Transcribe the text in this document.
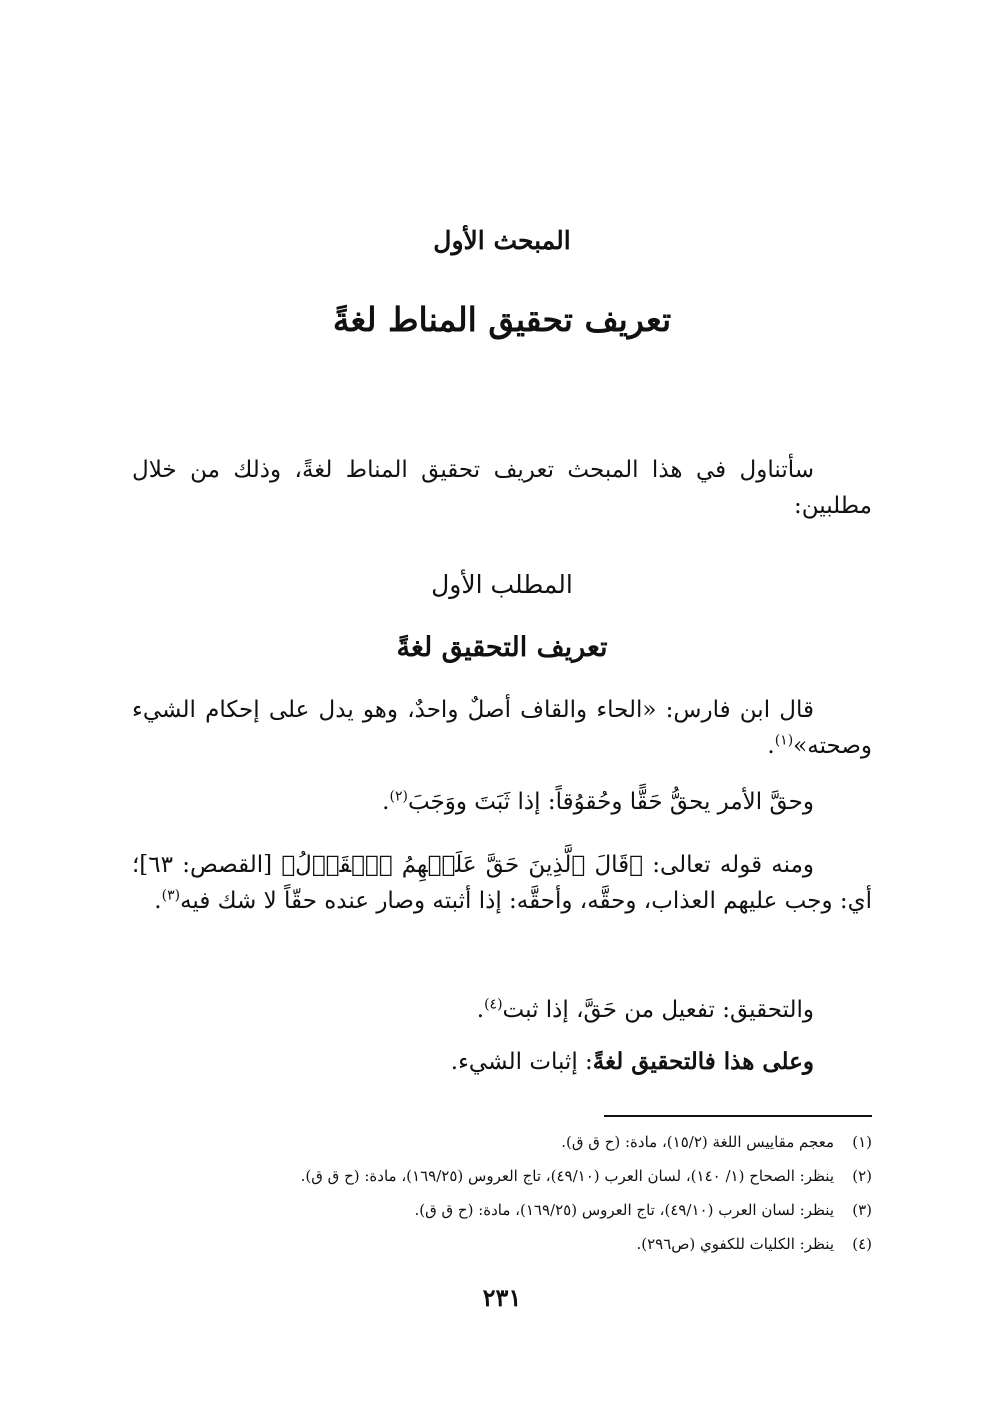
المبحث الأول
تعريف تحقيق المناط لغةً
سأتناول في هذا المبحث تعريف تحقيق المناط لغةً، وذلك من خلال مطلبين:
المطلب الأول
تعريف التحقيق لغةً
قال ابن فارس: «الحاء والقاف أصلٌ واحدٌ، وهو يدل على إحكام الشيء وصحته»$^{(١)}$.
وحقَّ الأمر يحقُّ حَقًّا وحُقوُقاً: إذا ثَبَتَ ووَجَبَ$^{(٢)}$.
ومنه قوله تعالى: ﴿قَالَ ٱلَّذِينَ حَقَّ عَلَيۡهِمُ ٱلۡقَوۡلُ﴾ [القصص: ٦٣]؛ أي: وجب عليهم العذاب، وحقَّه، وأحقَّه: إذا أثبته وصار عنده حقّاً لا شك فيه$^{(٣)}$.
والتحقيق: تفعيل من حَقَّ، إذا ثبت$^{(٤)}$.
وعلى هذا فالتحقيق لغةً: إثبات الشيء.
(١)معجم مقاييس اللغة (١٥/٢)، مادة: (ح ق ق).
(٢)ينظر: الصحاح (١/ ١٤٠)، لسان العرب (٤٩/١٠)، تاج العروس (١٦٩/٢٥)، مادة: (ح ق ق).
(٣)ينظر: لسان العرب (٤٩/١٠)، تاج العروس (١٦٩/٢٥)، مادة: (ح ق ق).
(٤)ينظر: الكليات للكفوي (ص٢٩٦).
٢٣١
